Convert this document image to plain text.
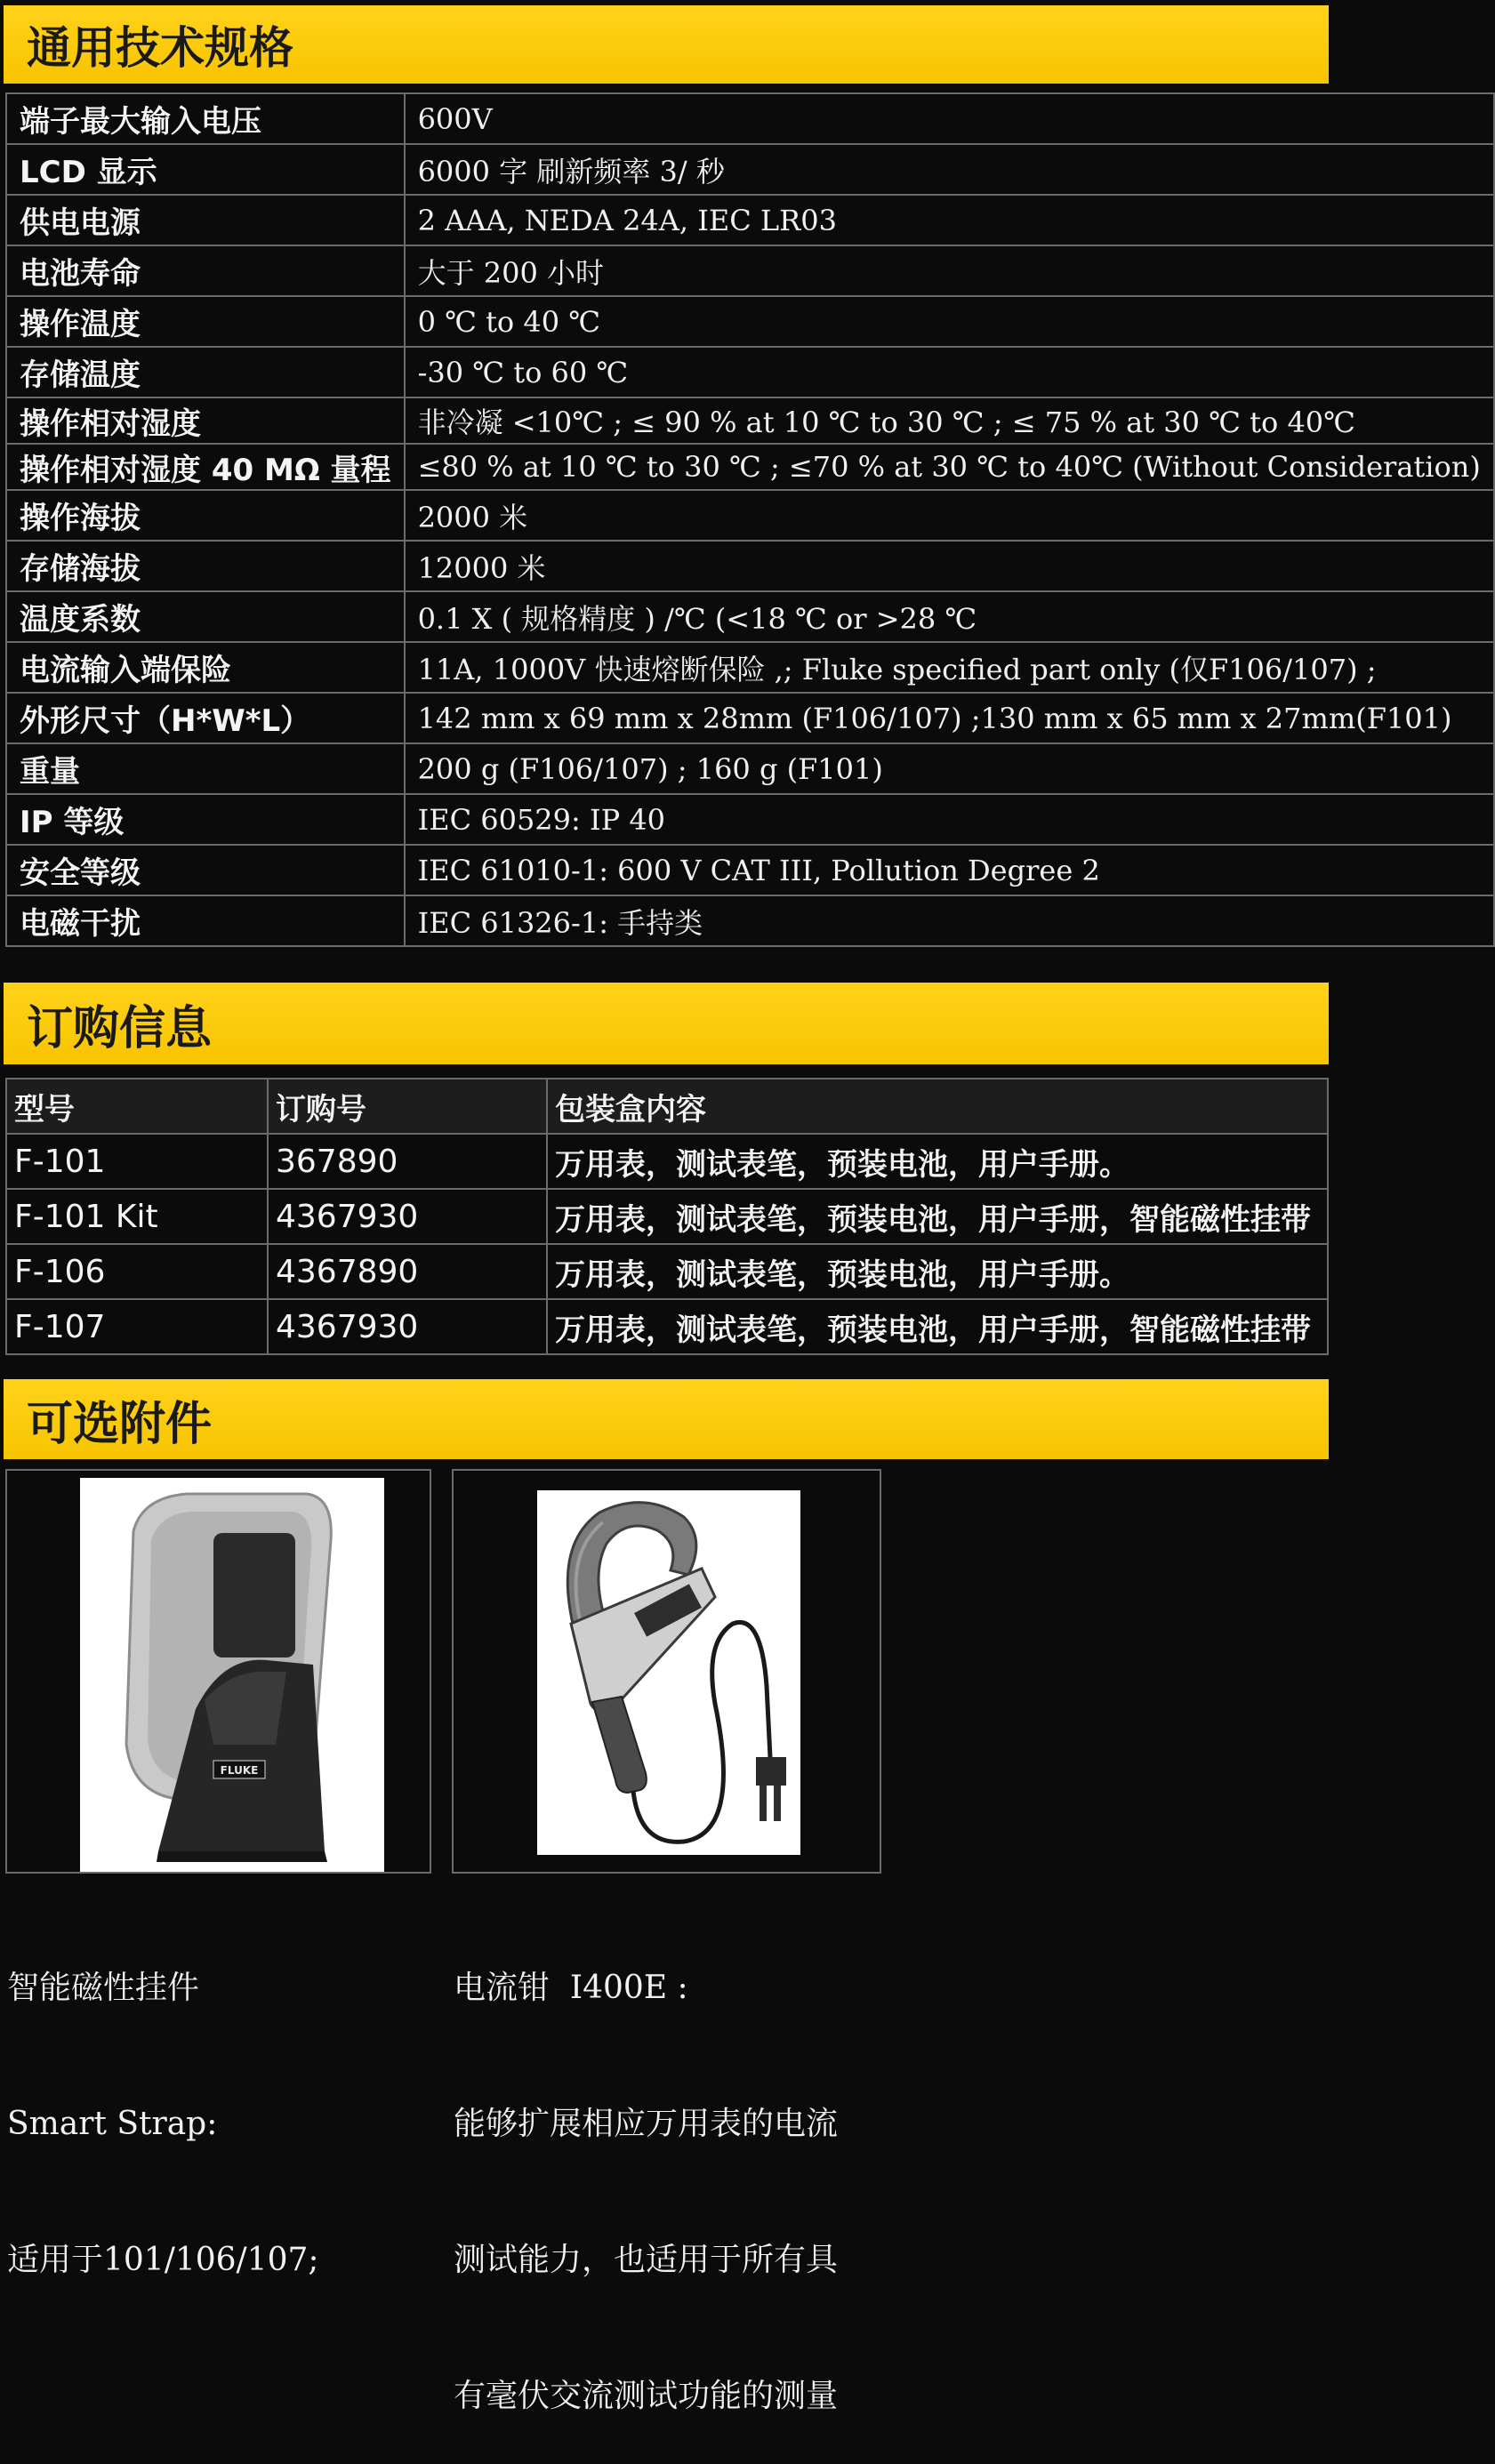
通用技术规格
端子最大输入电压	600V
LCD 显示	6000 字 刷新频率 3/ 秒
供电电源	2 AAA, NEDA 24A, IEC LR03
电池寿命	大于 200 小时
操作温度	0 ℃ to 40 ℃
存储温度	-30 ℃ to 60 ℃
操作相对湿度	非冷凝 <10℃ ; ≤ 90 % at 10 ℃ to 30 ℃ ; ≤ 75 % at 30 ℃ to 40℃
操作相对湿度 40 MΩ 量程	≤80 % at 10 ℃ to 30 ℃ ; ≤70 % at 30 ℃ to 40℃ (Without Consideration)
操作海拔	2000 米
存储海拔	12000 米
温度系数	0.1 X ( 规格精度 ) /℃ (<18 ℃ or >28 ℃
电流输入端保险	11A, 1000V 快速熔断保险 ,; Fluke specified part only (仅F106/107) ;
外形尺寸（H*W*L）	142 mm x 69 mm x 28mm (F106/107) ;130 mm x 65 mm x 27mm(F101)
重量	200 g (F106/107) ; 160 g (F101)
IP 等级	IEC 60529: IP 40
安全等级	IEC 61010-1: 600 V CAT III, Pollution Degree 2
电磁干扰	IEC 61326-1: 手持类
订购信息
型号	订购号	包装盒内容
F-101	367890	万用表，测试表笔，预装电池，用户手册。
F-101 Kit	4367930	万用表，测试表笔，预装电池，用户手册，智能磁性挂带
F-106	4367890	万用表，测试表笔，预装电池，用户手册。
F-107	4367930	万用表，测试表笔，预装电池，用户手册，智能磁性挂带
可选附件
FLUKE

智能磁性挂件

Smart Strap:

适用于101/106/107;

电流钳  I400E :

能够扩展相应万用表的电流

测试能力，也适用于所有具

有毫伏交流测试功能的测量
